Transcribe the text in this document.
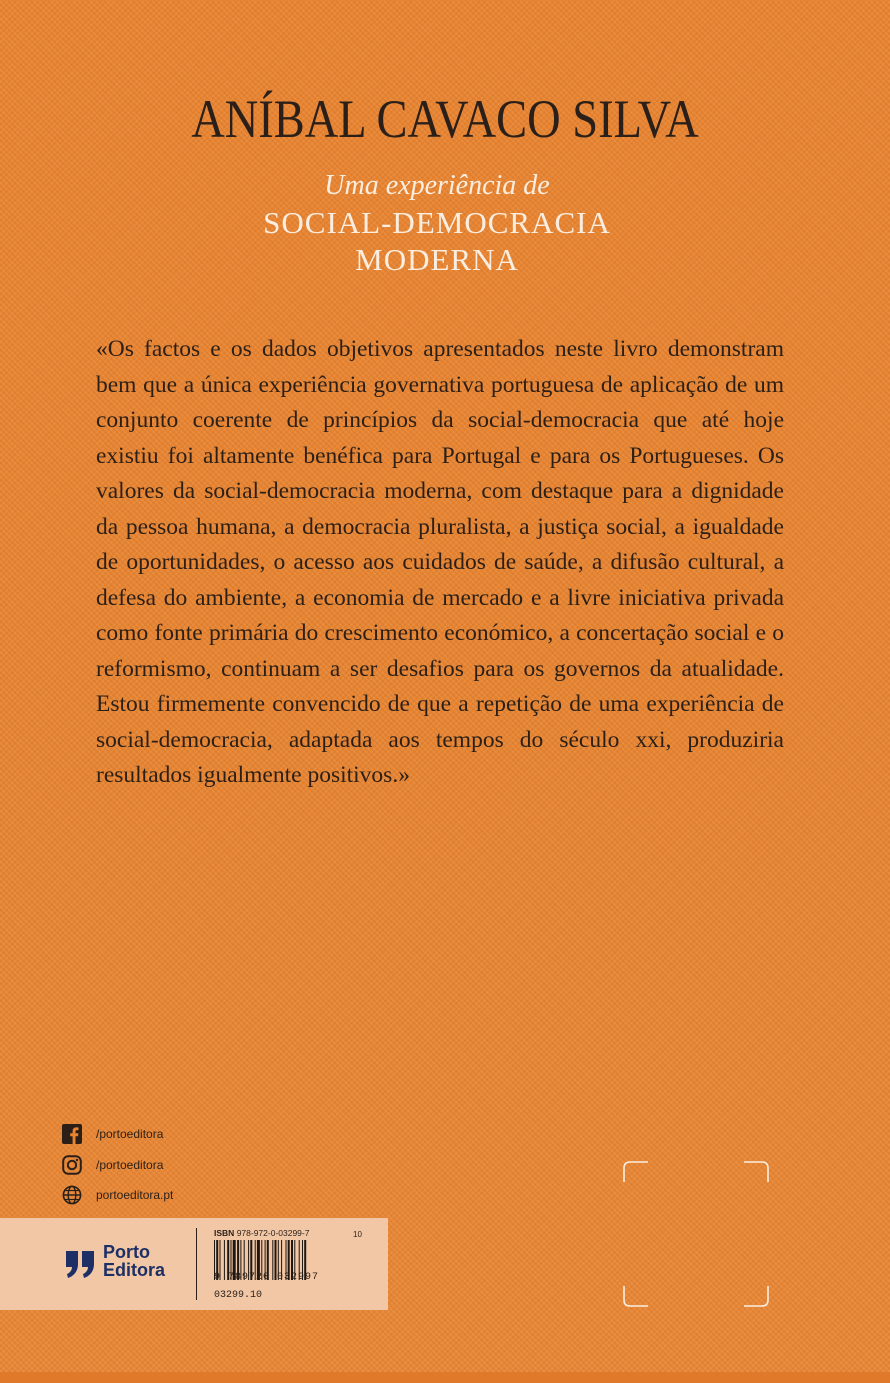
ANÍBAL CAVACO SILVA
Uma experiência de
SOCIAL-DEMOCRACIA
MODERNA
«Os factos e os dados objetivos apresentados neste livro demonstram bem que a única experiência governativa portuguesa de aplicação de um conjunto coerente de princípios da social-democracia que até hoje existiu foi altamente benéfica para Portugal e para os Portugueses. Os valores da social-democracia moderna, com destaque para a dignidade da pessoa humana, a democracia pluralista, a justiça social, a igualdade de oportunidades, o acesso aos cuidados de saúde, a difusão cultural, a defesa do ambiente, a economia de mercado e a livre iniciativa privada como fonte primária do crescimento económico, a concertação social e o reformismo, continuam a ser desafios para os governos da atualidade. Estou firmemente convencido de que a repetição de uma experiência de social-democracia, adaptada aos tempos do século xxi, produziria resultados igualmente positivos.»
/portoeditora
/portoeditora
portoeditora.pt
Porto
Editora
ISBN 978-972-0-03299-7	10
9 789720 032997
03299.10
